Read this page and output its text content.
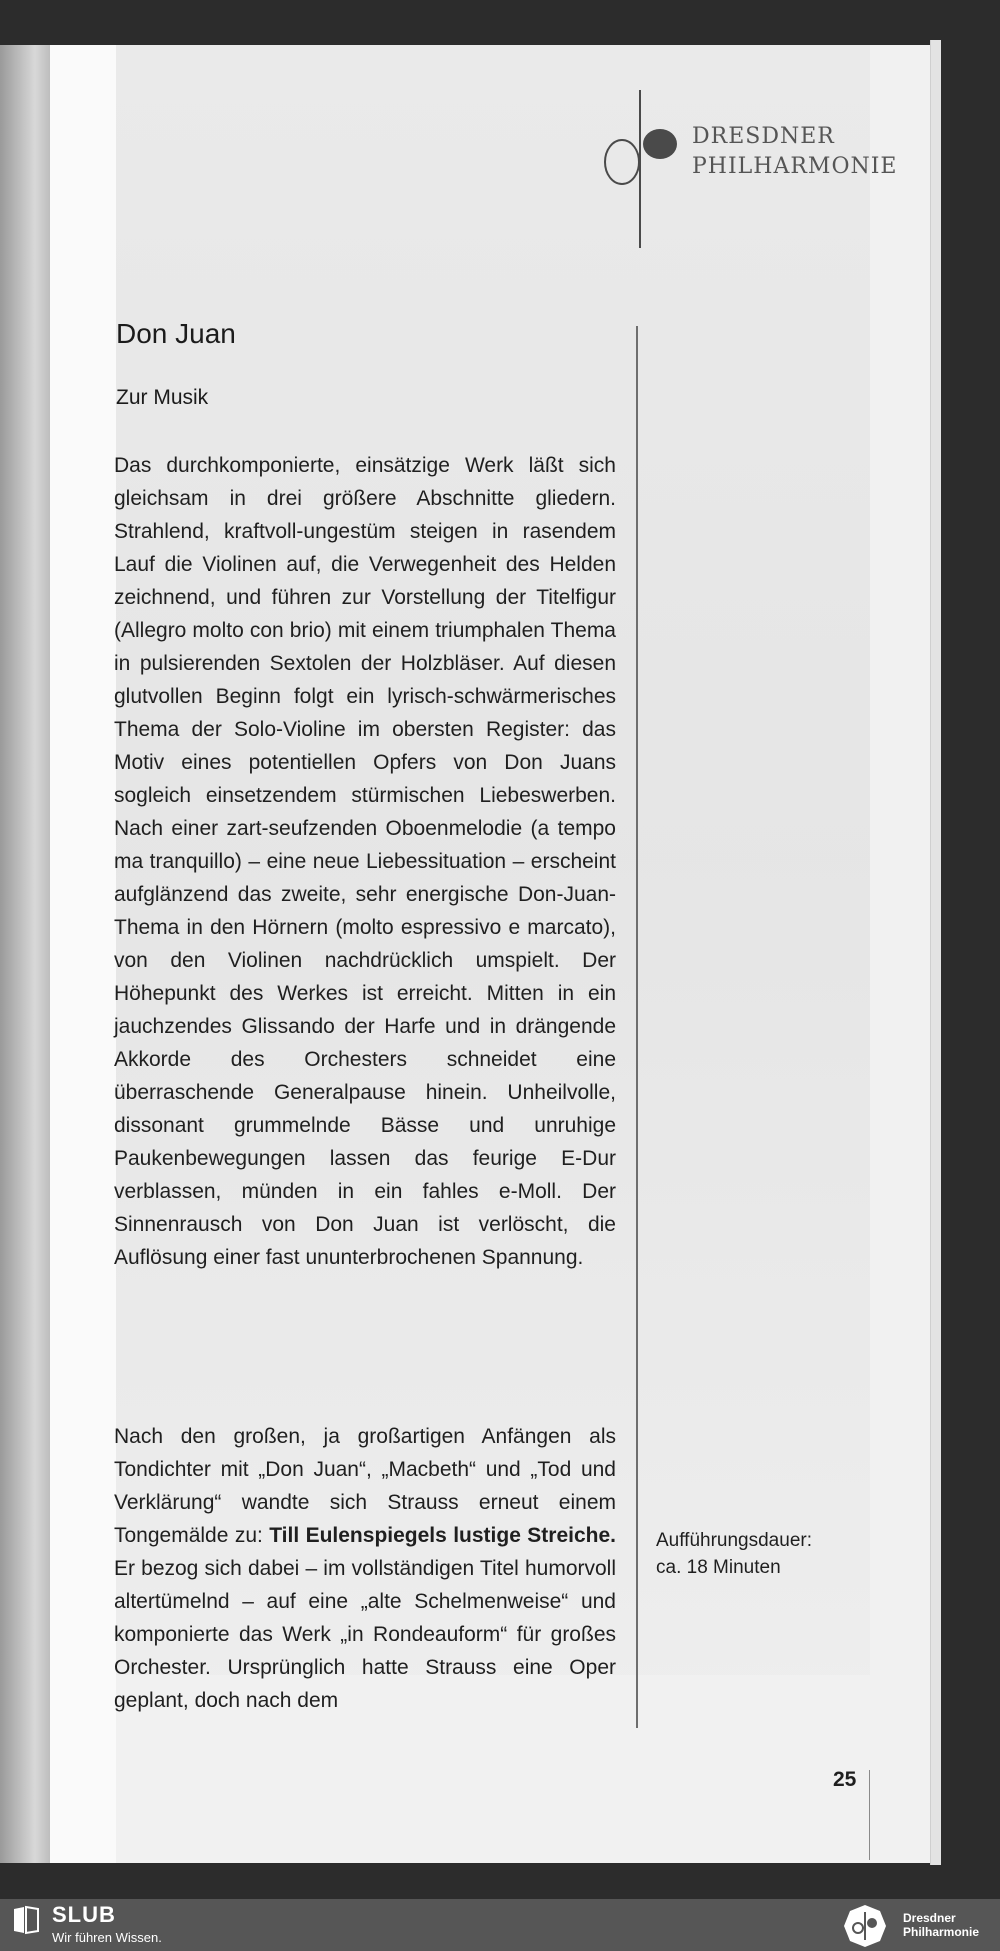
DRESDNER
PHILHARMONIE
Don Juan
Zur Musik

Das durchkomponierte, einsätzige Werk läßt sich gleichsam in drei größere Abschnitte gliedern. Strahlend, kraftvoll-ungestüm steigen in rasendem Lauf die Violinen auf, die Verwegenheit des Helden zeichnend, und führen zur Vorstellung der Titelfigur (Allegro molto con brio) mit einem triumphalen Thema in pulsierenden Sextolen der Holzbläser. Auf diesen glutvollen Beginn folgt ein lyrisch-schwärmerisches Thema der Solo-Violine im obersten Register: das Motiv eines potentiellen Opfers von Don Juans sogleich einsetzendem stürmischen Liebeswerben. Nach einer zart-seufzenden Oboenmelodie (a tempo ma tranquillo) – eine neue Liebessituation – erscheint aufglänzend das zweite, sehr energische Don-Juan-Thema in den Hörnern (molto espressivo e marcato), von den Violinen nachdrücklich umspielt. Der Höhepunkt des Werkes ist erreicht. Mitten in ein jauchzendes Glissando der Harfe und in drängende Akkorde des Orchesters schneidet eine überraschende Generalpause hinein. Unheilvolle, dissonant grummelnde Bässe und unruhige Paukenbewegungen lassen das feurige E-Dur verblassen, münden in ein fahles e-Moll. Der Sinnenrausch von Don Juan ist verlöscht, die Auflösung einer fast ununterbrochenen Spannung.

Nach den großen, ja großartigen Anfängen als Tondichter mit „Don Juan“, „Macbeth“ und „Tod und Verklärung“ wandte sich Strauss erneut einem Tongemälde zu: Till Eulenspiegels lustige Streiche. Er bezog sich dabei – im vollständigen Titel humorvoll altertümelnd – auf eine „alte Schelmenweise“ und komponierte das Werk „in Rondeauform“ für großes Orchester. Ursprünglich hatte Strauss eine Oper geplant, doch nach dem
Aufführungsdauer:
ca. 18 Minuten
25
SLUB
Wir führen Wissen.
Dresdner
Philharmonie
